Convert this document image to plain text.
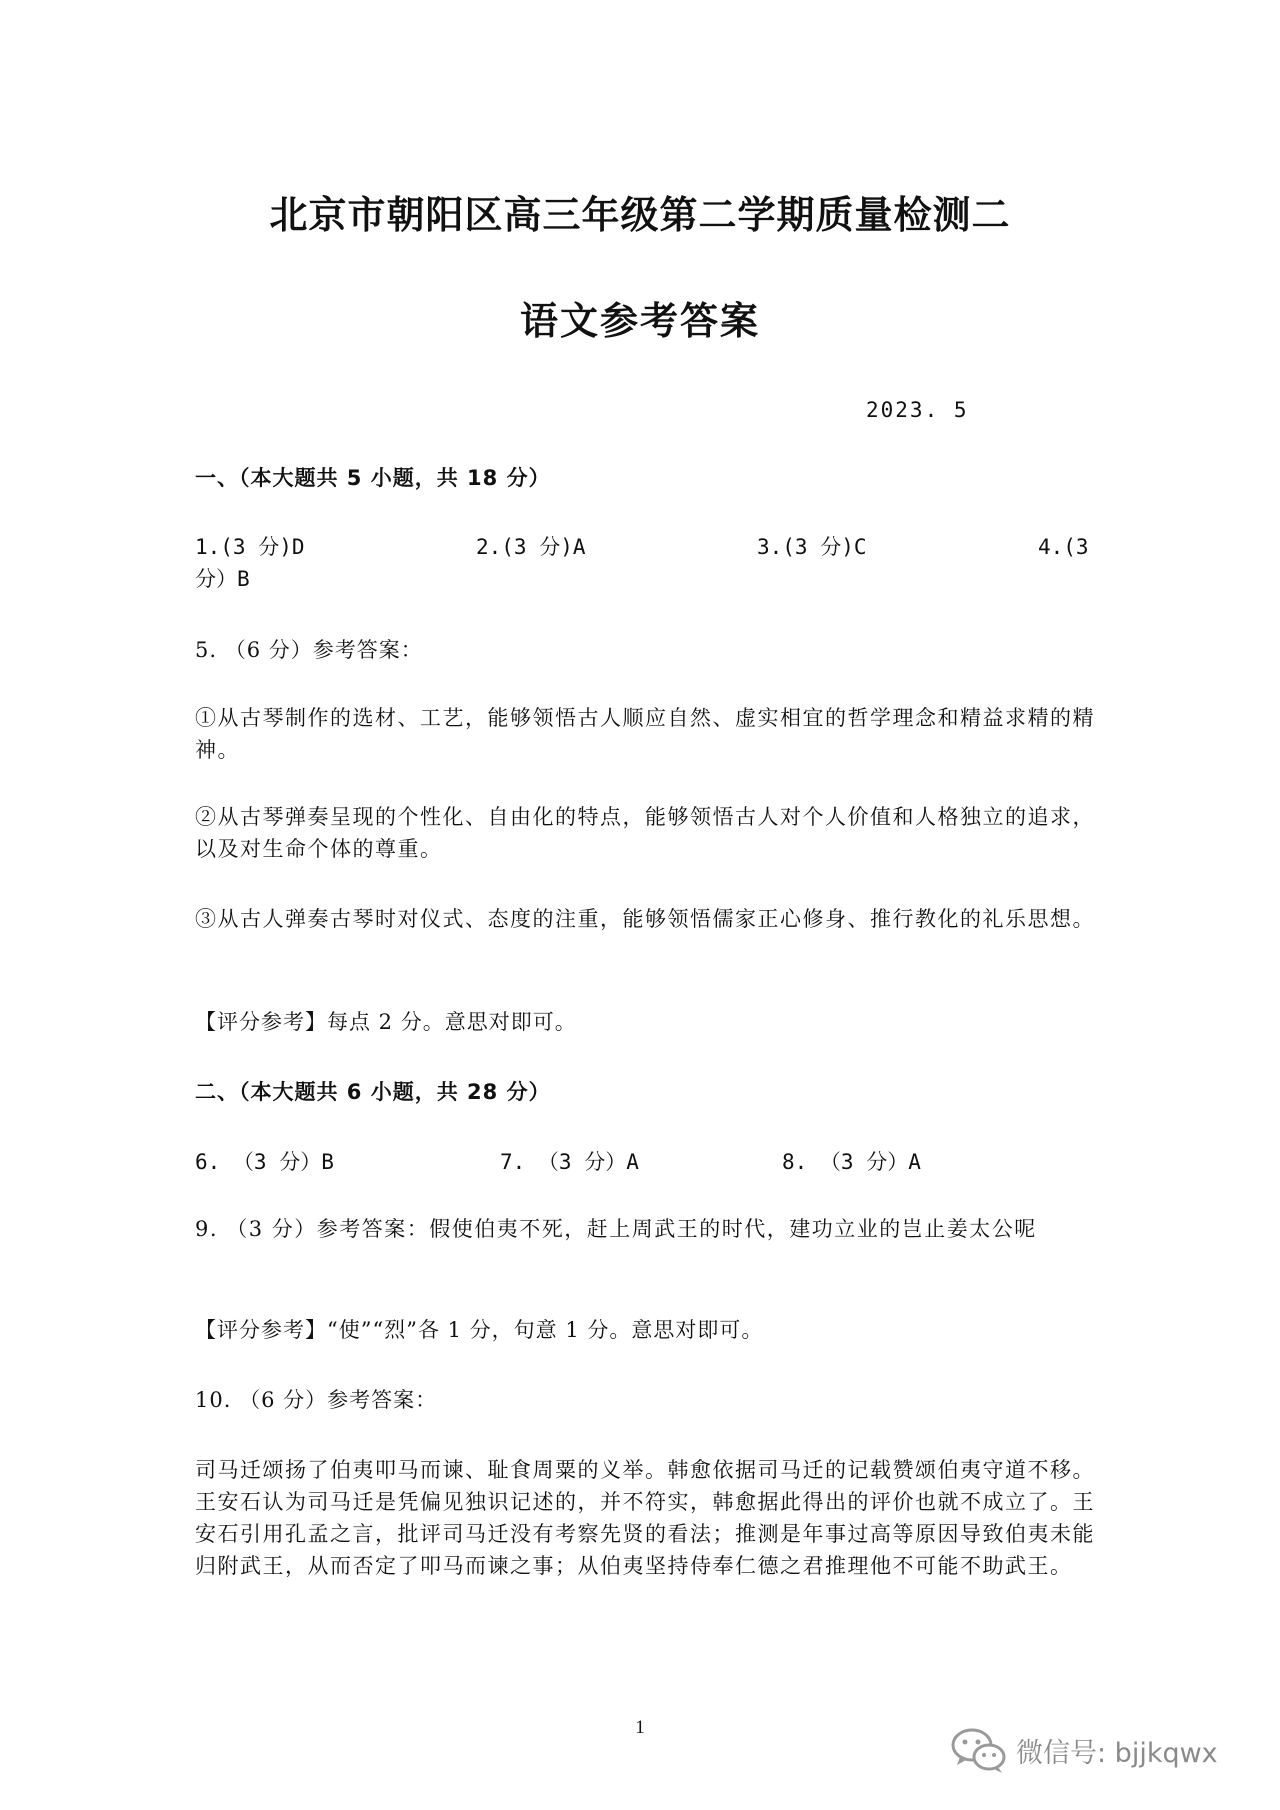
北京市朝阳区高三年级第二学期质量检测二
语文参考答案
2023. 5
一、（本大题共 5 小题，共 18 分）
1.(3 分)D	2.(3 分)A	3.(3 分)C	4.(3
分）B
5. （6 分）参考答案：
①从古琴制作的选材、工艺，能够领悟古人顺应自然、虚实相宜的哲学理念和精益求精的精神。
②从古琴弹奏呈现的个性化、自由化的特点，能够领悟古人对个人价值和人格独立的追求，以及对生命个体的尊重。
③从古人弹奏古琴时对仪式、态度的注重，能够领悟儒家正心修身、推行教化的礼乐思想。
【评分参考】每点 2 分。意思对即可。
二、（本大题共 6 小题，共 28 分）
6. （3 分）B	7. （3 分）A	8. （3 分）A
9. （3 分）参考答案：假使伯夷不死，赶上周武王的时代，建功立业的岂止姜太公呢
【评分参考】“使”“烈”各 1 分，句意 1 分。意思对即可。
10. （6 分）参考答案：
司马迁颂扬了伯夷叩马而谏、耻食周粟的义举。韩愈依据司马迁的记载赞颂伯夷守道不移。王安石认为司马迁是凭偏见独识记述的，并不符实，韩愈据此得出的评价也就不成立了。王安石引用孔孟之言，批评司马迁没有考察先贤的看法；推测是年事过高等原因导致伯夷未能归附武王，从而否定了叩马而谏之事；从伯夷坚持侍奉仁德之君推理他不可能不助武王。
1
微信号: bjjkqwx
